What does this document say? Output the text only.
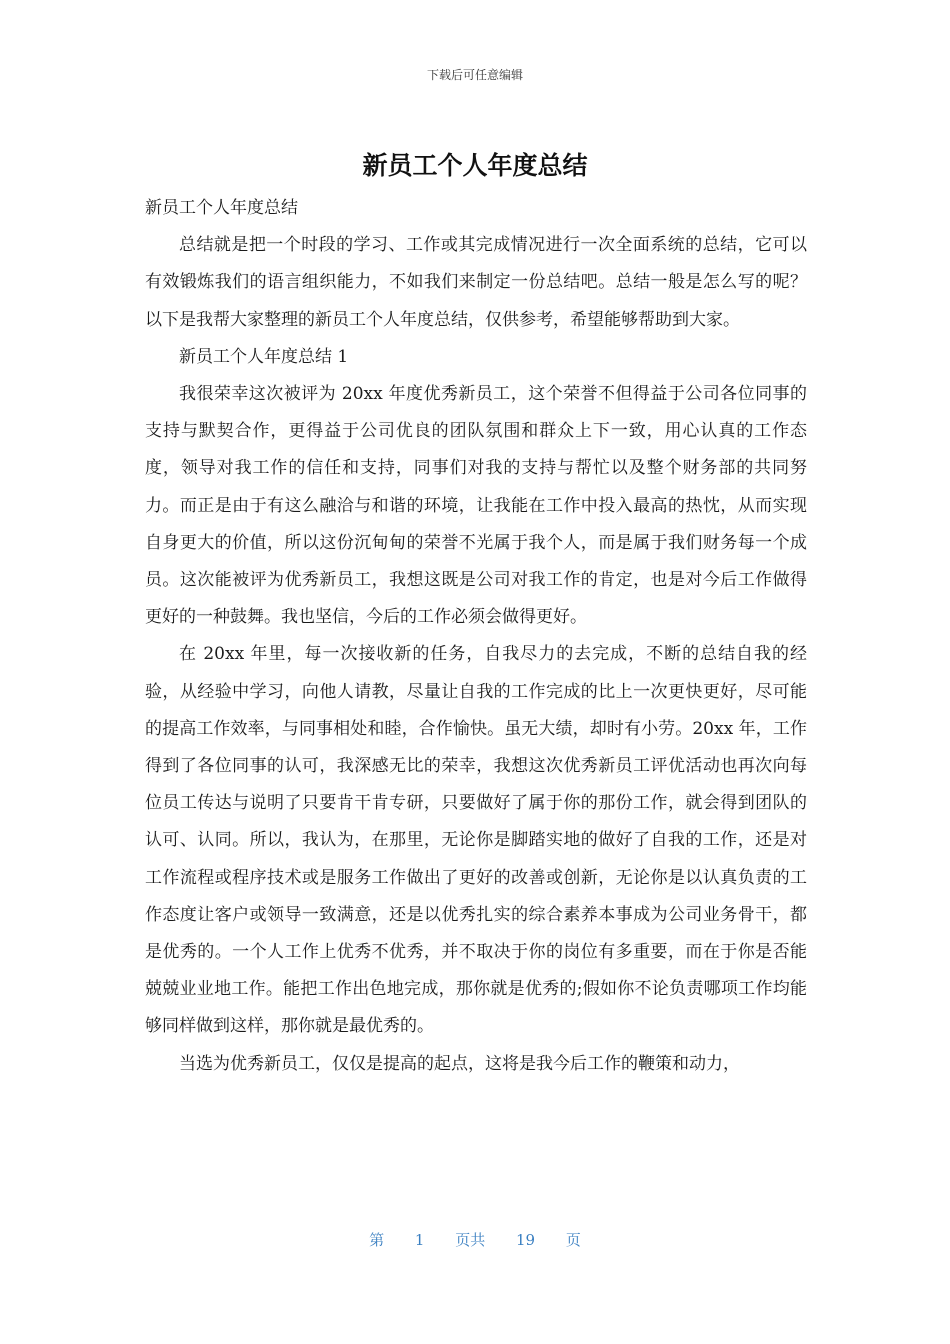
下载后可任意编辑
新员工个人年度总结

新员工个人年度总结

总结就是把一个时段的学习、工作或其完成情况进行一次全面系统的总结，它可以有效锻炼我们的语言组织能力，不如我们来制定一份总结吧。总结一般是怎么写的呢？以下是我帮大家整理的新员工个人年度总结，仅供参考，希望能够帮助到大家。

新员工个人年度总结 1

我很荣幸这次被评为 20xx 年度优秀新员工，这个荣誉不但得益于公司各位同事的支持与默契合作，更得益于公司优良的团队氛围和群众上下一致，用心认真的工作态度，领导对我工作的信任和支持，同事们对我的支持与帮忙以及整个财务部的共同努力。而正是由于有这么融洽与和谐的环境，让我能在工作中投入最高的热忱，从而实现自身更大的价值，所以这份沉甸甸的荣誉不光属于我个人，而是属于我们财务每一个成员。这次能被评为优秀新员工，我想这既是公司对我工作的肯定，也是对今后工作做得更好的一种鼓舞。我也坚信，今后的工作必须会做得更好。

在 20xx 年里，每一次接收新的任务，自我尽力的去完成，不断的总结自我的经验，从经验中学习，向他人请教，尽量让自我的工作完成的比上一次更快更好，尽可能的提高工作效率，与同事相处和睦，合作愉快。虽无大绩，却时有小劳。20xx 年，工作得到了各位同事的认可，我深感无比的荣幸，我想这次优秀新员工评优活动也再次向每位员工传达与说明了只要肯干肯专研，只要做好了属于你的那份工作，就会得到团队的认可、认同。所以，我认为，在那里，无论你是脚踏实地的做好了自我的工作，还是对工作流程或程序技术或是服务工作做出了更好的改善或创新，无论你是以认真负责的工作态度让客户或领导一致满意，还是以优秀扎实的综合素养本事成为公司业务骨干，都是优秀的。一个人工作上优秀不优秀，并不取决于你的岗位有多重要，而在于你是否能兢兢业业地工作。能把工作出色地完成，那你就是优秀的;假如你不论负责哪项工作均能够同样做到这样，那你就是最优秀的。

当选为优秀新员工，仅仅是提高的起点，这将是我今后工作的鞭策和动力，

第 1 页共 19 页
